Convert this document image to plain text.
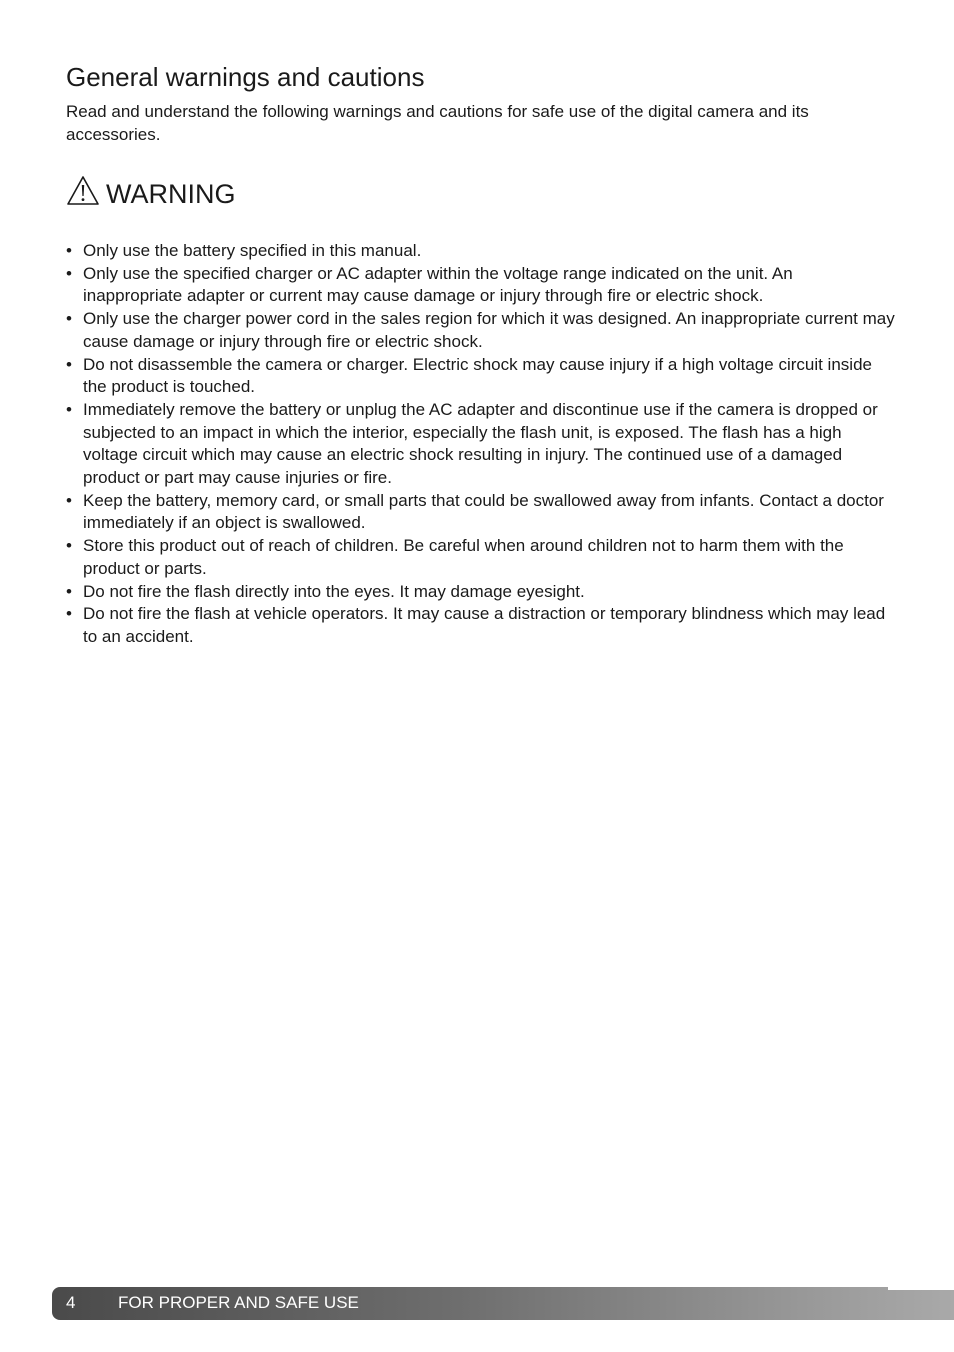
General warnings and cautions

Read and understand the following warnings and cautions for safe use of the digital camera and its accessories.

WARNING
• Only use the battery specified in this manual.
• Only use the specified charger or AC adapter within the voltage range indicated on the unit. An inappropriate adapter or current may cause damage or injury through fire or electric shock.
• Only use the charger power cord in the sales region for which it was designed. An inappropriate current may cause damage or injury through fire or electric shock.
• Do not disassemble the camera or charger. Electric shock may cause injury if a high voltage circuit inside the product is touched.
• Immediately remove the battery or unplug the AC adapter and discontinue use if the camera is dropped or subjected to an impact in which the interior, especially the flash unit, is exposed. The flash has a high voltage circuit which may cause an electric shock resulting in injury. The continued use of a damaged product or part may cause injuries or fire.
• Keep the battery, memory card, or small parts that could be swallowed away from infants. Contact a doctor immediately if an object is swallowed.
• Store this product out of reach of children. Be careful when around children not to harm them with the product or parts.
• Do not fire the flash directly into the eyes. It may damage eyesight.
• Do not fire the flash at vehicle operators. It may cause a distraction or temporary blindness which may lead to an accident.
4	FOR PROPER AND SAFE USE
